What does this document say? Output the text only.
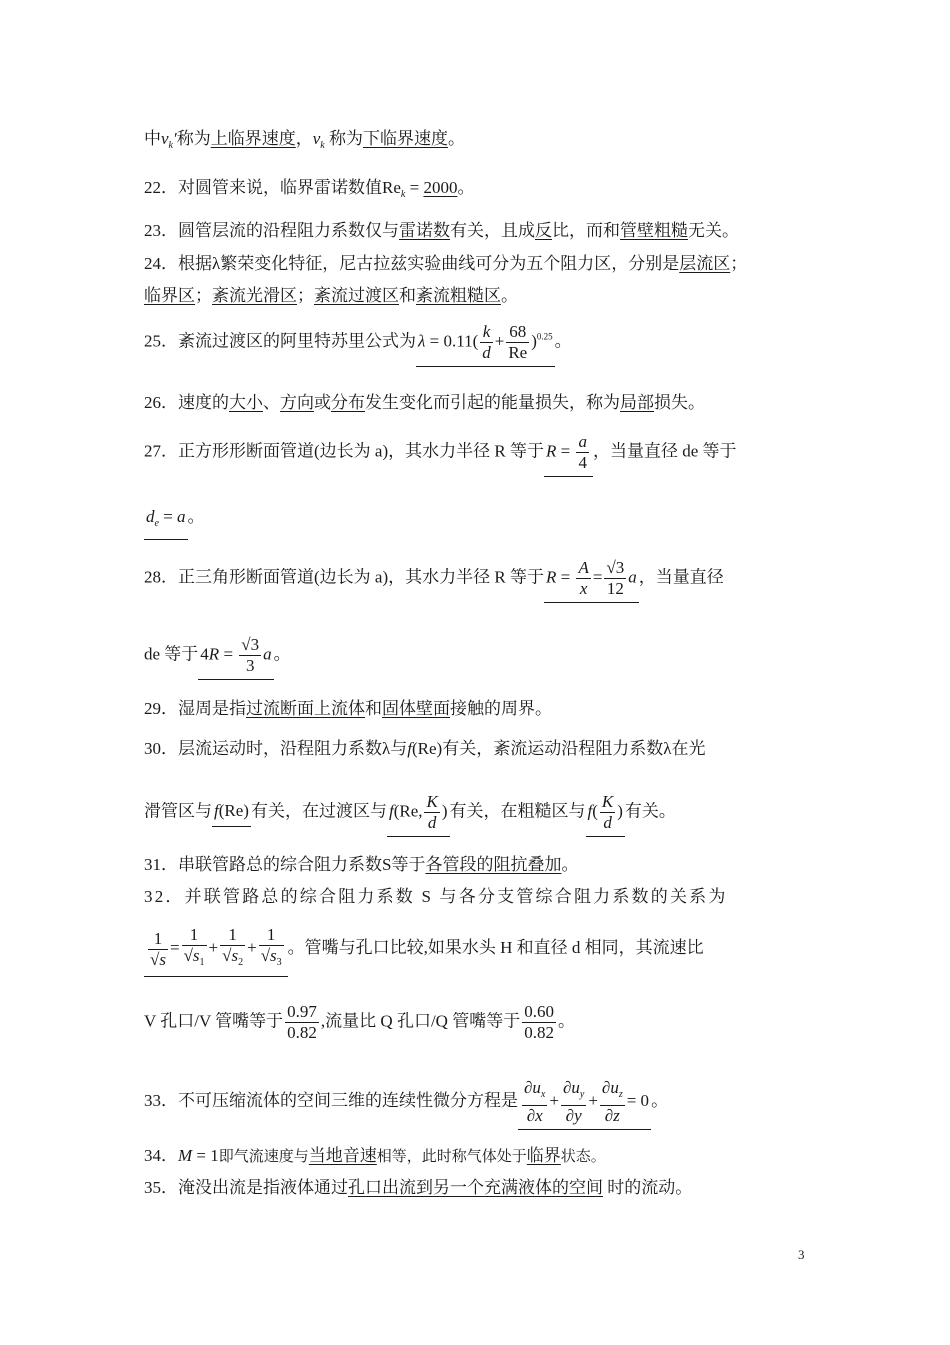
中$v_k'$称为上临界速度，$v_k$ 称为下临界速度。
22．对圆管来说，临界雷诺数值$Re_k = 2000$。
23．圆管层流的沿程阻力系数仅与雷诺数有关，且成反比，而和管壁粗糙无关。
24．根据λ繁荣变化特征，尼古拉兹实验曲线可分为五个阻力区，分别是层流区；
临界区；紊流光滑区；紊流过渡区和紊流粗糙区。
25．紊流过渡区的阿里特苏里公式为 $\lambda = 0.11( \frac{k}{d} + \frac{68}{Re} )^{0.25}$ 。
26．速度的大小、方向或分布发生变化而引起的能量损失，称为局部损失。
27．正方形形断面管道(边长为 a)，其水力半径 R 等于 $R = \frac{a}{4}$ ，当量直径 de 等于
$d_e = a$ 。
28．正三角形断面管道(边长为 a)，其水力半径 R 等于 $R = \frac{A}{x} = \frac{√3}{12}$ a ，当量直径
de 等于 $4R = \frac{√3}{3}$ a 。
29．湿周是指过流断面上流体和固体壁面接触的周界。
30．层流运动时，沿程阻力系数λ与f(Re)有关，紊流运动沿程阻力系数λ在光
滑管区与 f(Re) 有关，在过渡区与 f(Re, $\frac{K}{d}$ ) 有关，在粗糙区与 $f( \frac{K}{d}$ ) 有关。
31．串联管路总的综合阻力系数S等于各管段的阻抗叠加。
32．并联管路总的综合阻力系数 S 与各分支管综合阻力系数的关系为
$\frac{1}{√s} = \frac{1}{√s_1} + \frac{1}{√s_2} + \frac{1}{√s_3}$ 。管嘴与孔口比较,如果水头 H 和直径 d 相同，其流速比
V 孔口/V 管嘴等于 $\frac{0.97}{0.82}$ ,流量比 Q 孔口/Q 管嘴等于 $\frac{0.60}{0.82}$ 。
33．不可压缩流体的空间三维的连续性微分方程是 $\frac{\partial u_x}{\partial x} + \frac{\partial u_y}{\partial y} + \frac{\partial u_z}{\partial z} = 0$ 。
34．M = 1即气流速度与当地音速相等，此时称气体处于临界状态。
35．淹没出流是指液体通过孔口出流到另一个充满液体的空间 时的流动。
3
